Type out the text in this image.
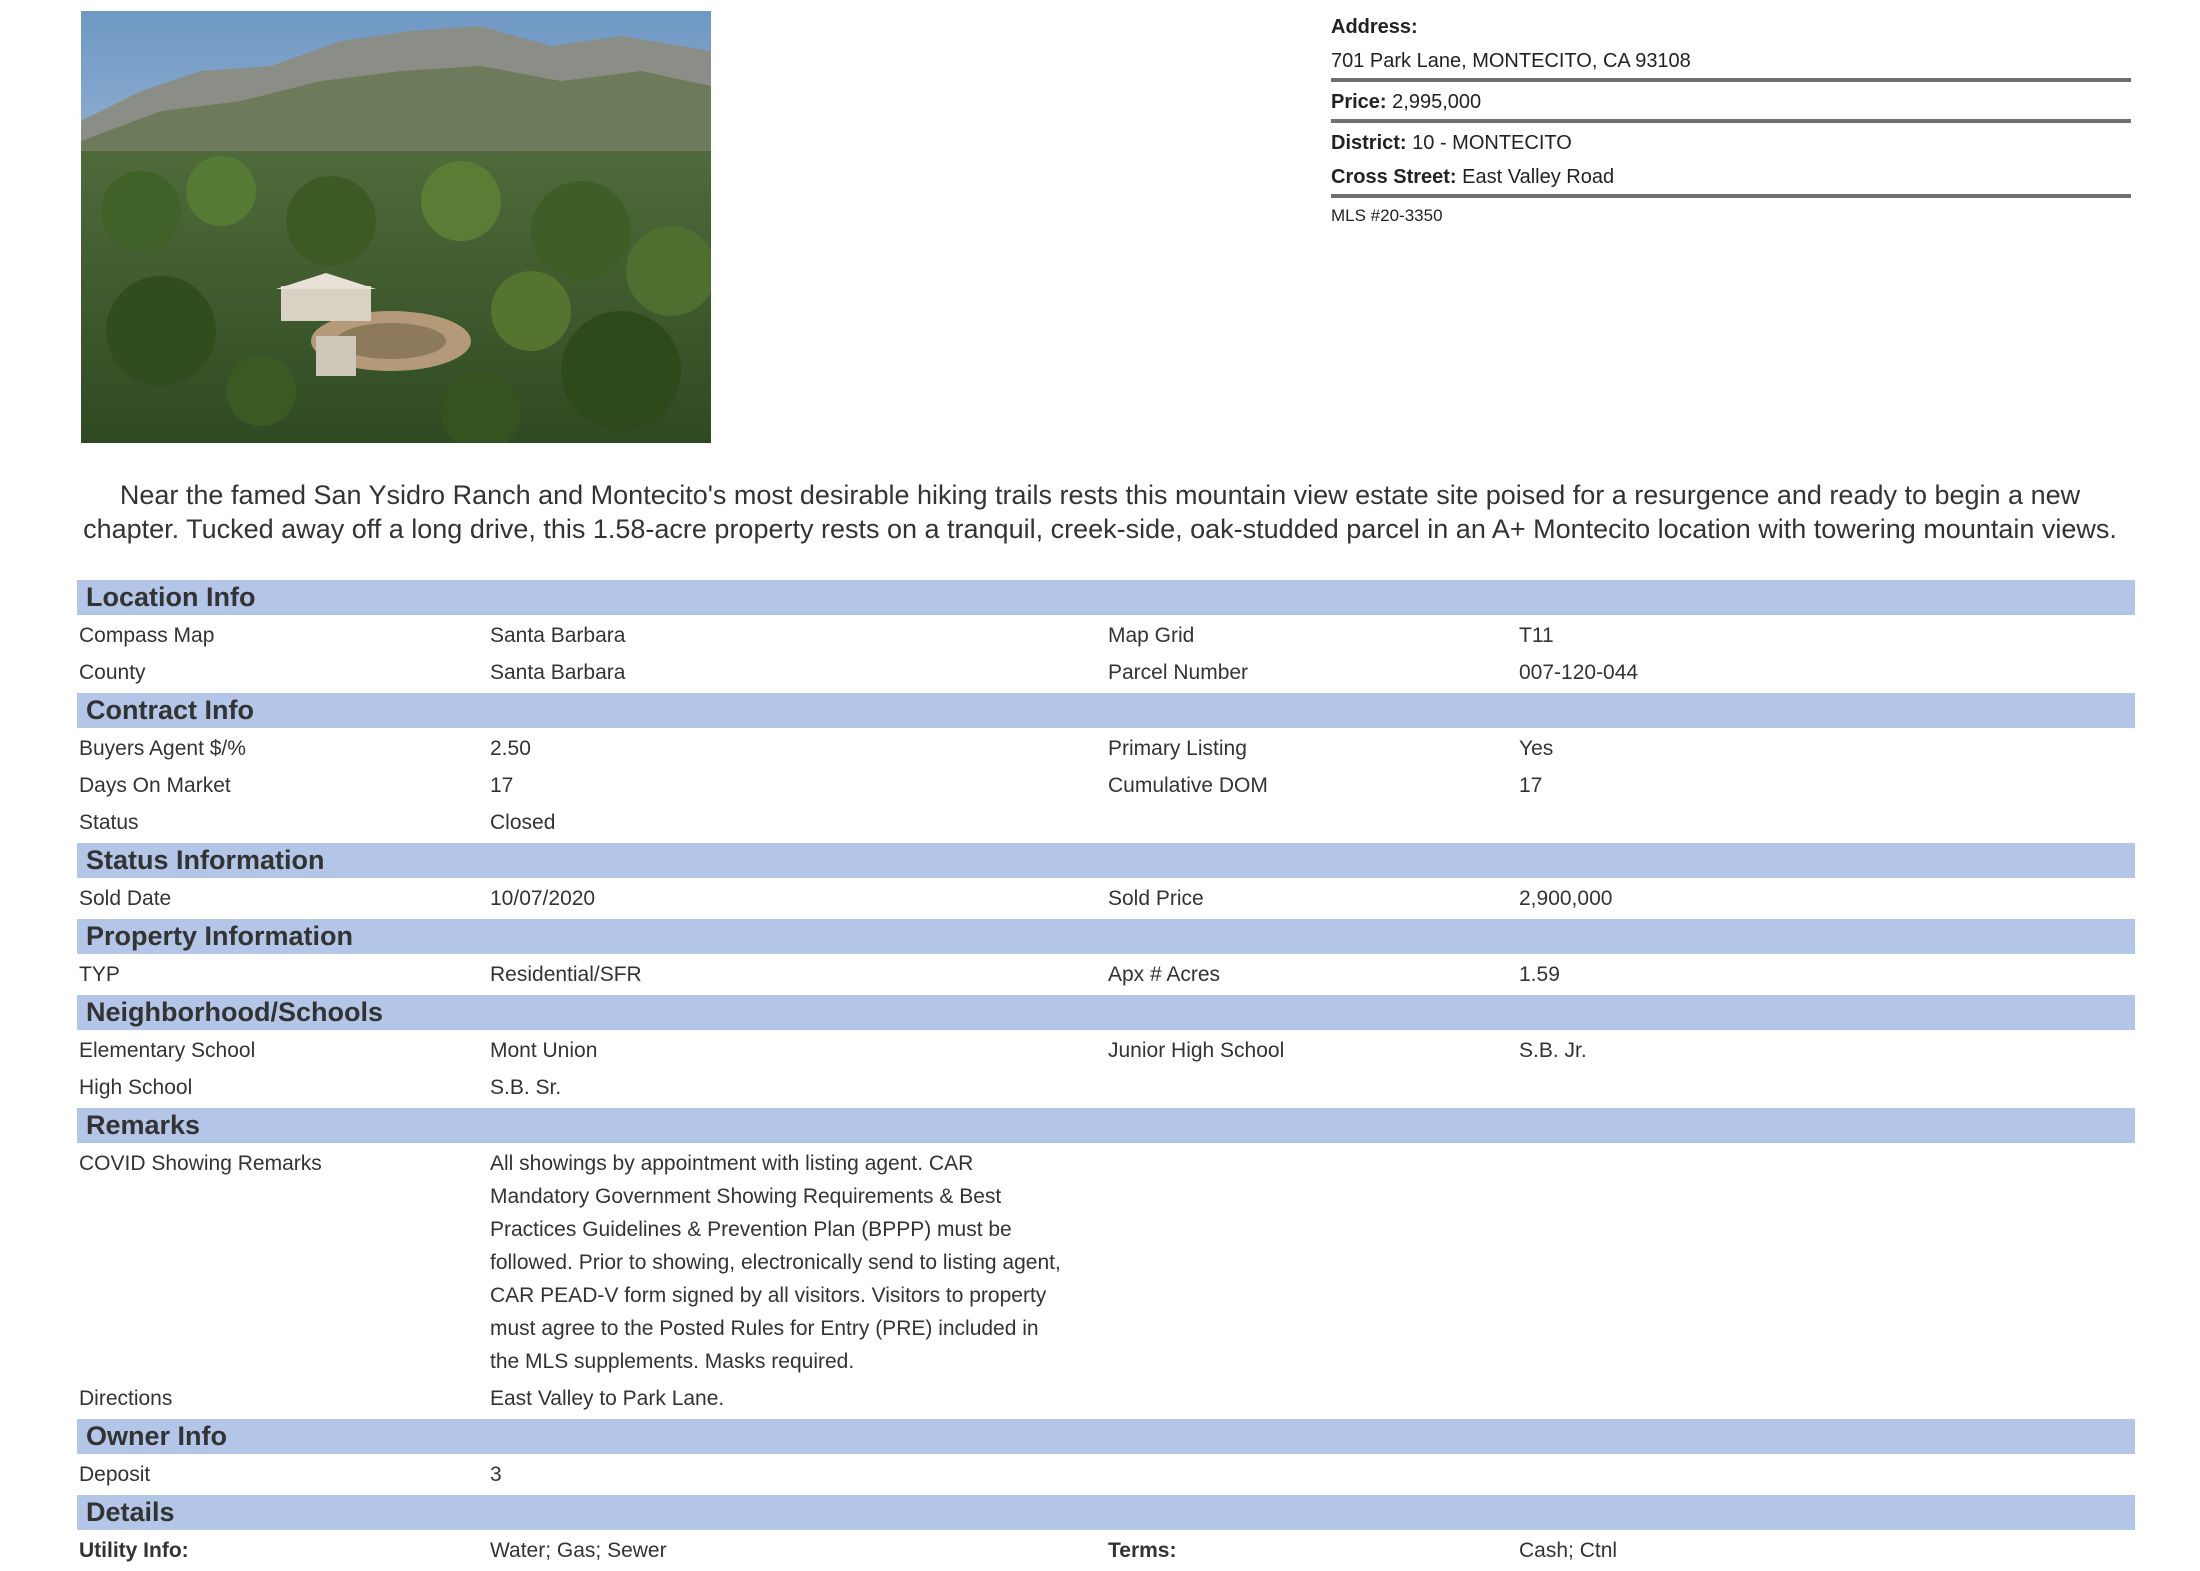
Address:
701 Park Lane, MONTECITO, CA 93108
Price: 2,995,000
District: 10 - MONTECITO
Cross Street: East Valley Road
MLS #20-3350
Near the famed San Ysidro Ranch and Montecito's most desirable hiking trails rests this mountain view estate site poised for a resurgence and ready to begin a new chapter. Tucked away off a long drive, this 1.58-acre property rests on a tranquil, creek-side, oak-studded parcel in an A+ Montecito location with towering mountain views.
Location Info
Compass Map	Santa Barbara	Map Grid	T11
County	Santa Barbara	Parcel Number	007-120-044
Contract Info
Buyers Agent $/%	2.50	Primary Listing	Yes
Days On Market	17	Cumulative DOM	17
Status	Closed
Status Information
Sold Date	10/07/2020	Sold Price	2,900,000
Property Information
TYP	Residential/SFR	Apx # Acres	1.59
Neighborhood/Schools
Elementary School	Mont Union	Junior High School	S.B. Jr.
High School	S.B. Sr.
Remarks
COVID Showing Remarks	All showings by appointment with listing agent. CAR
Mandatory Government Showing Requirements & Best
Practices Guidelines & Prevention Plan (BPPP) must be
followed. Prior to showing, electronically send to listing agent,
CAR PEAD-V form signed by all visitors. Visitors to property
must agree to the Posted Rules for Entry (PRE) included in
the MLS supplements. Masks required.
Directions	East Valley to Park Lane.
Owner Info
Deposit	3
Details
Utility Info:	Water; Gas; Sewer	Terms:	Cash; Ctnl
